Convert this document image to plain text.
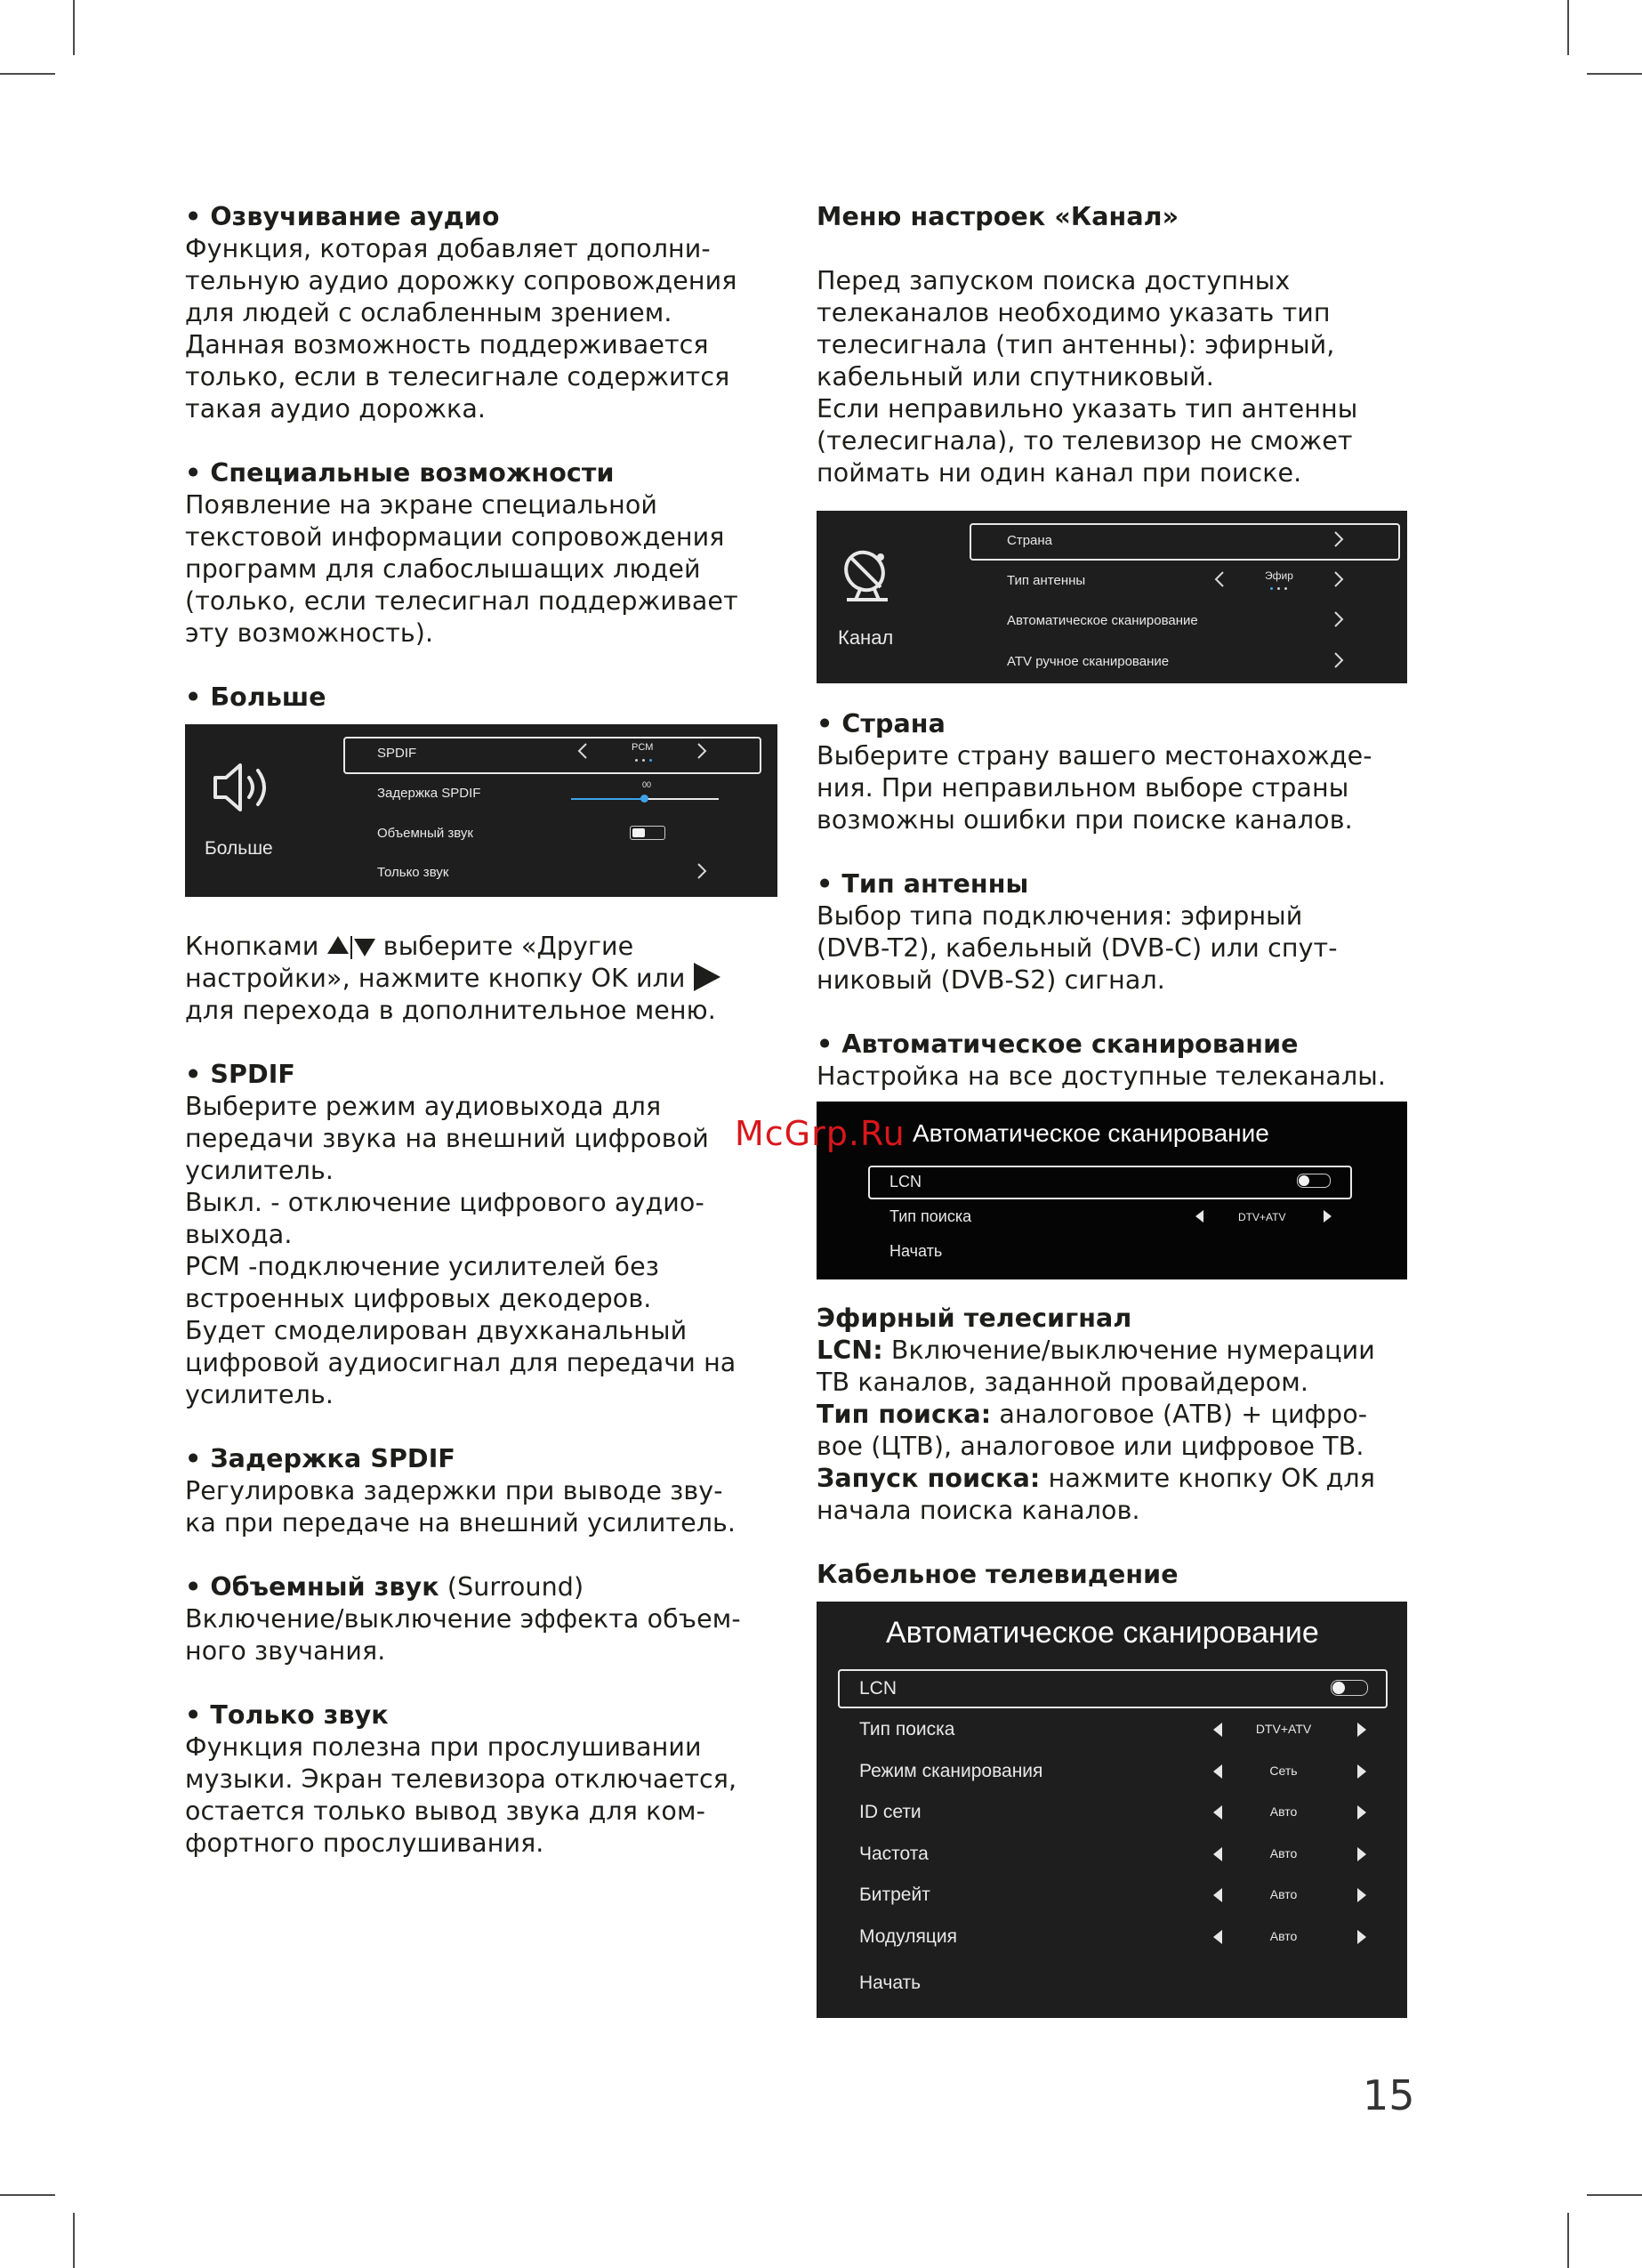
• Озвучивание аудио
Функция, которая добавляет дополни-
тельную аудио дорожку сопровождения
для людей с ослабленным зрением.
Данная возможность поддерживается
только, если в телесигнале содержится
такая аудио дорожка.
• Специальные возможности
Появление на экране специальной
текстовой информации сопровождения
программ для слабослышащих людей
(только, если телесигнал поддерживает
эту возможность).
• Больше
Больше
SPDIF	PCM
Задержка SPDIF
00
Объемный звук
Только звук
Кнопками	выберите «Другие
настройки», нажмите кнопку OK или
для перехода в дополнительное меню.
• SPDIF
Выберите режим аудиовыхода для
передачи звука на внешний цифровой
усилитель.
Выкл. - отключение цифрового аудио-
выхода.
PCM -подключение усилителей без
встроенных цифровых декодеров.
Будет смоделирован двухканальный
цифровой аудиосигнал для передачи на
усилитель.
• Задержка SPDIF
Регулировка задержки при выводе зву-
ка при передаче на внешний усилитель.
• Объемный звук (Surround)
Включение/выключение эффекта объем-
ного звучания.
• Только звук
Функция полезна при прослушивании
музыки. Экран телевизора отключается,
остается только вывод звука для ком-
фортного прослушивания.
Меню настроек «Канал»
Перед запуском поиска доступных
телеканалов необходимо указать тип
телесигнала (тип антенны): эфирный,
кабельный или спутниковый.
Если неправильно указать тип антенны
(телесигнала), то телевизор не сможет
поймать ни один канал при поиске.
Канал
Страна
Тип антенны	Эфир
Автоматическое сканирование
ATV ручное сканирование
• Страна
Выберите страну вашего местонахожде-
ния. При неправильном выборе страны
возможны ошибки при поиске каналов.
• Тип антенны
Выбор типа подключения: эфирный
(DVB-T2), кабельный (DVB-C) или спут-
никовый (DVB-S2) сигнал.
• Автоматическое сканирование
Настройка на все доступные телеканалы.
Автоматическое сканирование
LCN
Тип поиска	DTV+ATV
Начать
Эфирный телесигнал
LCN: Включение/выключение нумерации
ТВ каналов, заданной провайдером.
Тип поиска: аналоговое (АТВ) + цифро-
вое (ЦТВ), аналоговое или цифровое ТВ.
Запуск поиска: нажмите кнопку OK для
начала поиска каналов.
Кабельное телевидение
Автоматическое сканирование
LCN
Тип поиска	DTV+ATV
Режим сканирования	Сеть
ID сети	Авто
Частота	Авто
Битрейт	Авто
Модуляция	Авто
Начать
McGrp.Ru
15
